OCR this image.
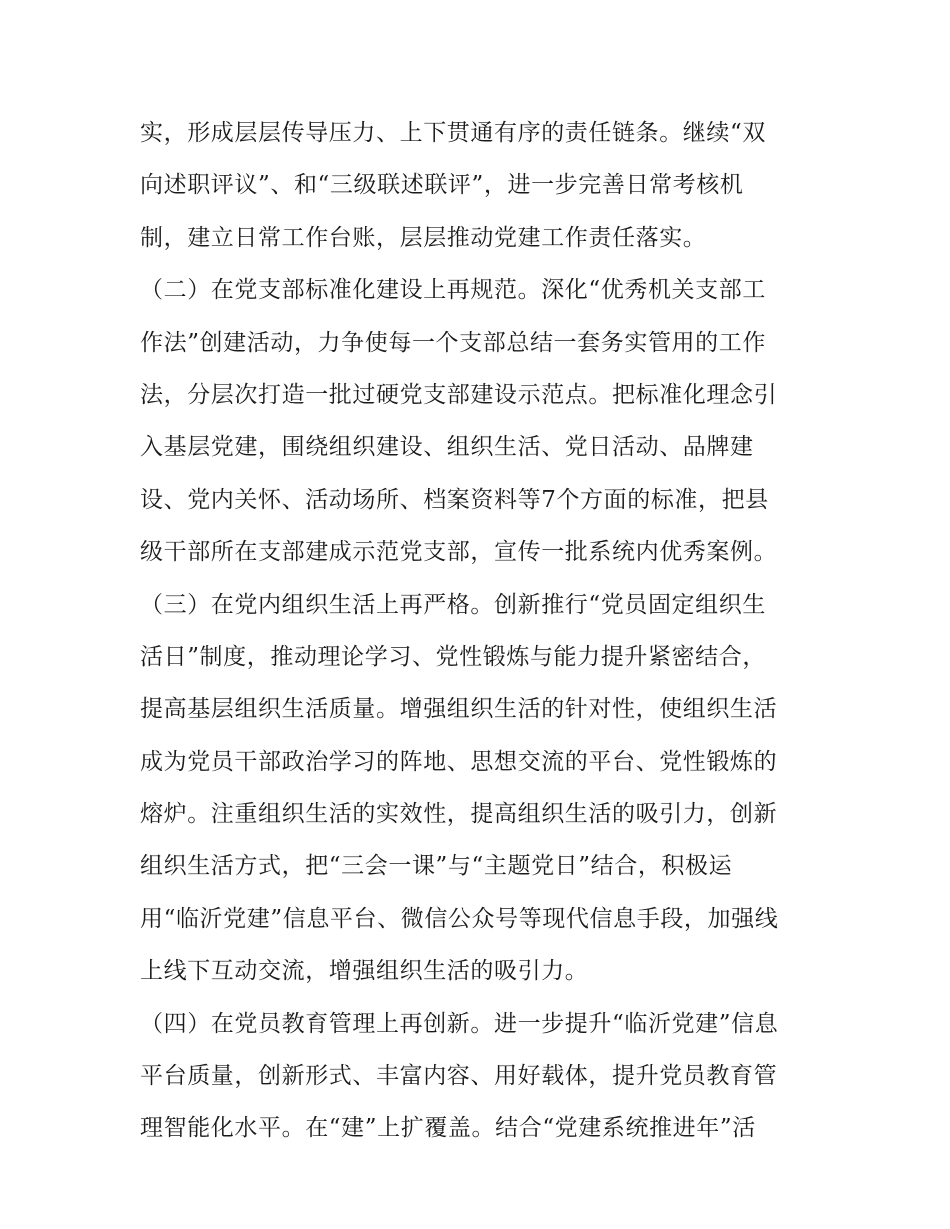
实，形成层层传导压力、上下贯通有序的责任链条。继续“双
向述职评议”、和“三级联述联评”，进一步完善日常考核机
制，建立日常工作台账，层层推动党建工作责任落实。
（二）在党支部标准化建设上再规范。深化“优秀机关支部工
作法”创建活动，力争使每一个支部总结一套务实管用的工作
法，分层次打造一批过硬党支部建设示范点。把标准化理念引
入基层党建，围绕组织建设、组织生活、党日活动、品牌建
设、党内关怀、活动场所、档案资料等7个方面的标准，把县
级干部所在支部建成示范党支部，宣传一批系统内优秀案例。
（三）在党内组织生活上再严格。创新推行“党员固定组织生
活日”制度，推动理论学习、党性锻炼与能力提升紧密结合，
提高基层组织生活质量。增强组织生活的针对性，使组织生活
成为党员干部政治学习的阵地、思想交流的平台、党性锻炼的
熔炉。注重组织生活的实效性，提高组织生活的吸引力，创新
组织生活方式，把“三会一课”与“主题党日”结合，积极运
用“临沂党建”信息平台、微信公众号等现代信息手段，加强线
上线下互动交流，增强组织生活的吸引力。
（四）在党员教育管理上再创新。进一步提升“临沂党建”信息
平台质量，创新形式、丰富内容、用好载体，提升党员教育管
理智能化水平。在“建”上扩覆盖。结合“党建系统推进年”活
